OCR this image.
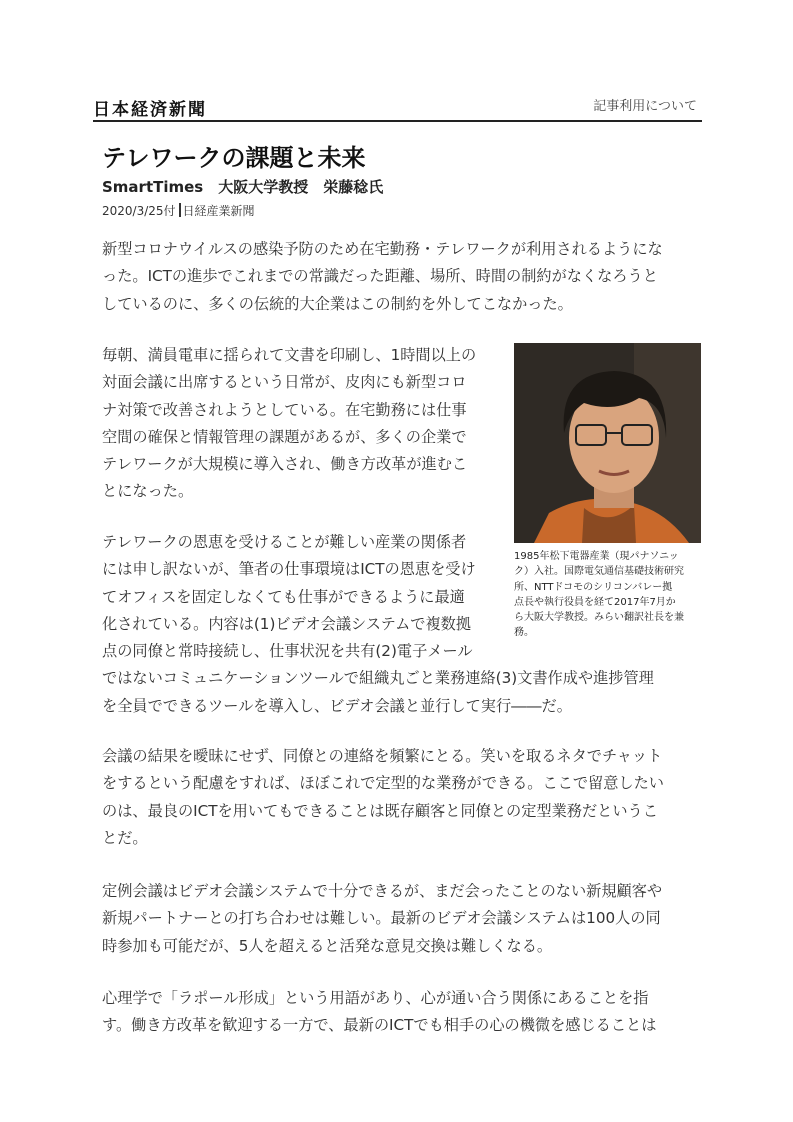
日本経済新聞	記事利用について
テレワークの課題と未来
SmartTimes　大阪大学教授　栄藤稔氏
2020/3/25付 日経産業新聞

新型コロナウイルスの感染予防のため在宅勤務・テレワークが利用されるようにな
った。ICTの進歩でこれまでの常識だった距離、場所、時間の制約がなくなろうと
しているのに、多くの伝統的大企業はこの制約を外してこなかった。

毎朝、満員電車に揺られて文書を印刷し、1時間以上の
対面会議に出席するという日常が、皮肉にも新型コロ
ナ対策で改善されようとしている。在宅勤務には仕事
空間の確保と情報管理の課題があるが、多くの企業で
テレワークが大規模に導入され、働き方改革が進むこ
とになった。

1985年松下電器産業（現パナソニッ
ク）入社。国際電気通信基礎技術研究
所、NTTドコモのシリコンバレー拠
点長や執行役員を経て2017年7月か
ら大阪大学教授。みらい翻訳社長を兼
務。

テレワークの恩恵を受けることが難しい産業の関係者
には申し訳ないが、筆者の仕事環境はICTの恩恵を受け
てオフィスを固定しなくても仕事ができるように最適
化されている。内容は(1)ビデオ会議システムで複数拠
点の同僚と常時接続し、仕事状況を共有(2)電子メール
ではないコミュニケーションツールで組織丸ごと業務連絡(3)文書作成や進捗管理
を全員でできるツールを導入し、ビデオ会議と並行して実行――だ。

会議の結果を曖昧にせず、同僚との連絡を頻繁にとる。笑いを取るネタでチャット
をするという配慮をすれば、ほぼこれで定型的な業務ができる。ここで留意したい
のは、最良のICTを用いてもできることは既存顧客と同僚との定型業務だというこ
とだ。

定例会議はビデオ会議システムで十分できるが、まだ会ったことのない新規顧客や
新規パートナーとの打ち合わせは難しい。最新のビデオ会議システムは100人の同
時参加も可能だが、5人を超えると活発な意見交換は難しくなる。

心理学で「ラポール形成」という用語があり、心が通い合う関係にあることを指
す。働き方改革を歓迎する一方で、最新のICTでも相手の心の機微を感じることは
